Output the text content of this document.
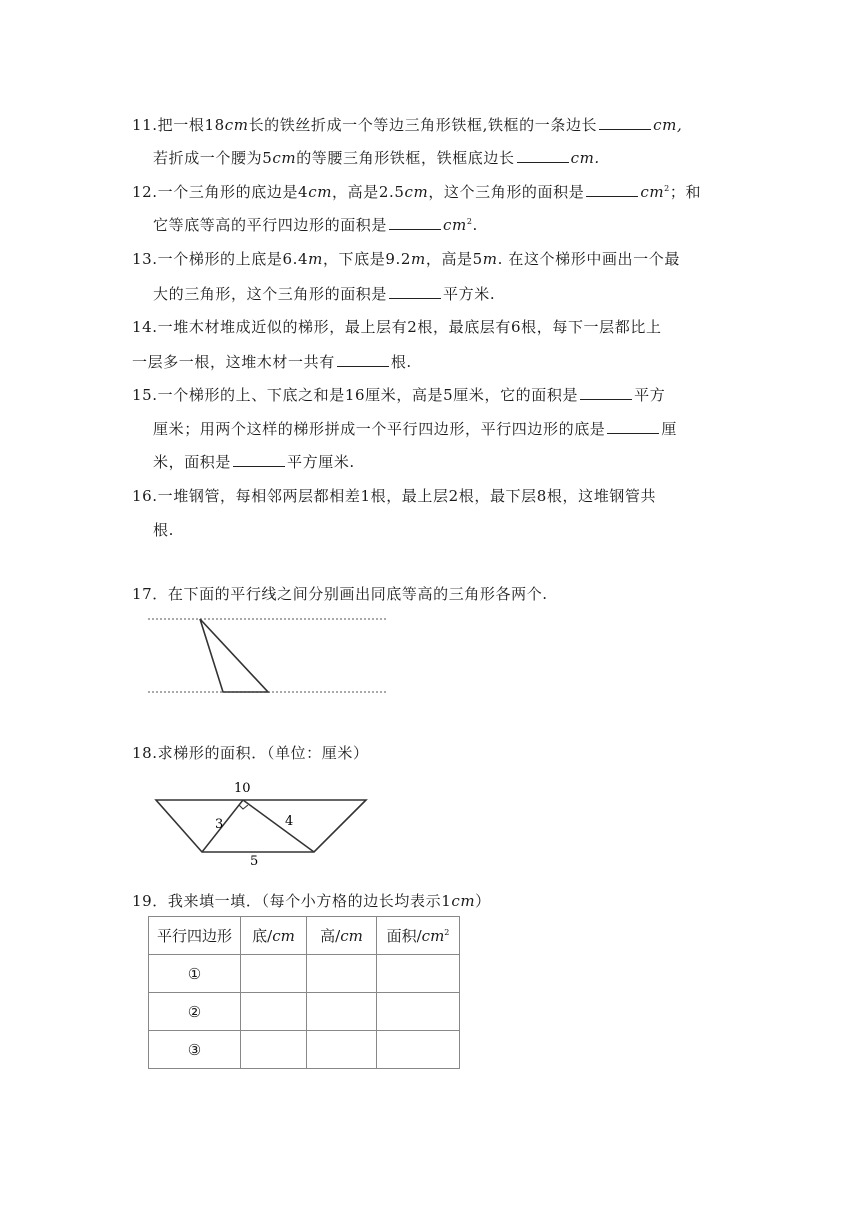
11.把一根18cm长的铁丝折成一个等边三角形铁框,铁框的一条边长	cm,
若折成一个腰为5cm的等腰三角形铁框，铁框底边长	cm.
12.一个三角形的底边是4cm，高是2.5cm，这个三角形的面积是	$cm^2$；和
它等底等高的平行四边形的面积是	$cm^2$.
13.一个梯形的上底是6.4m，下底是9.2m，高是5m. 在这个梯形中画出一个最
大的三角形，这个三角形的面积是	平方米.
14.一堆木材堆成近似的梯形，最上层有2根，最底层有6根，每下一层都比上
一层多一根，这堆木材一共有	根.
15.一个梯形的上、下底之和是16厘米，高是5厘米，它的面积是	平方
厘米；用两个这样的梯形拼成一个平行四边形，平行四边形的底是	厘
米，面积是	平方厘米.
16.一堆钢管，每相邻两层都相差1根，最上层2根，最下层8根，这堆钢管共
根.
17．在下面的平行线之间分别画出同底等高的三角形各两个.
18.求梯形的面积．（单位：厘米）
10
3	4
5
19．我来填一填．（每个小方格的边长均表示1cm）
平行四边形	底/cm	高/cm	面积$/cm^2$
①			
②			
③			
